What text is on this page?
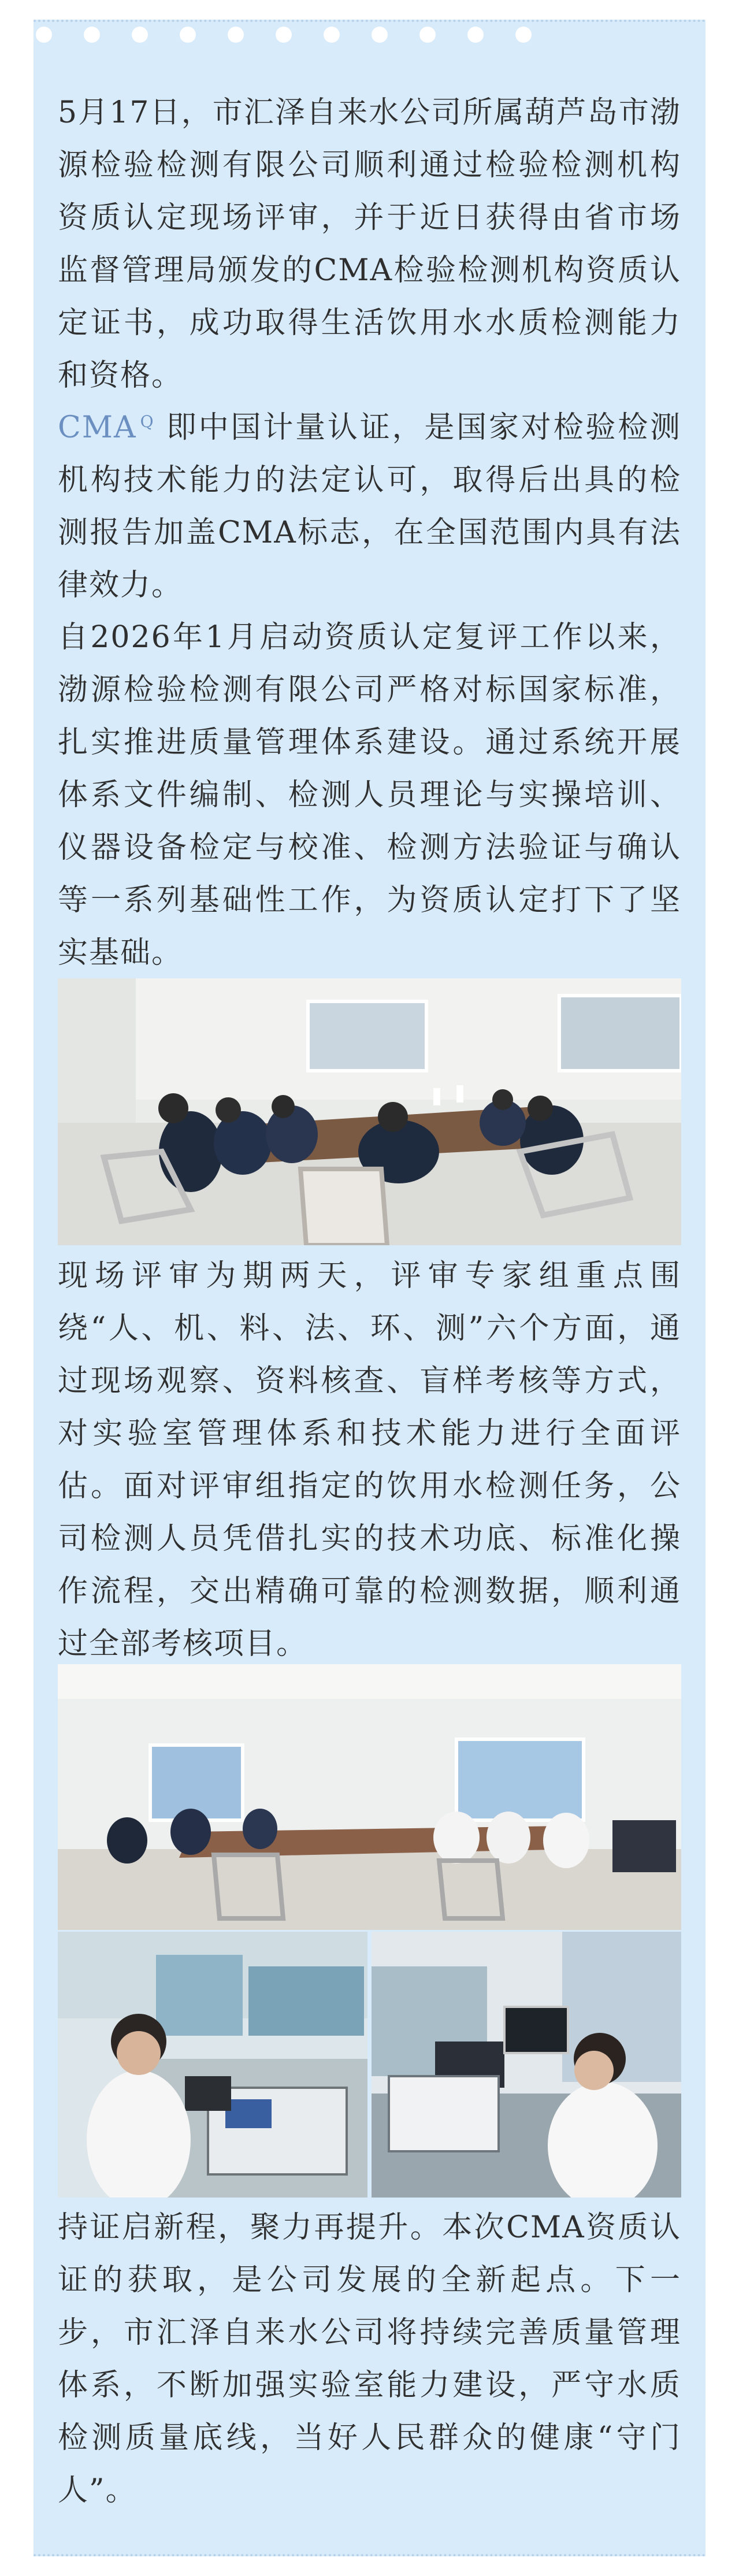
5月17日，市汇泽自来水公司所属葫芦岛市渤源检验检测有限公司顺利通过检验检测机构资质认定现场评审，并于近日获得由省市场监督管理局颁发的CMA检验检测机构资质认定证书，成功取得生活饮用水水质检测能力和资格。

CMA $^Q$ 即中国计量认证，是国家对检验检测机构技术能力的法定认可，取得后出具的检测报告加盖CMA标志，在全国范围内具有法律效力。

自2026年1月启动资质认定复评工作以来，渤源检验检测有限公司严格对标国家标准，扎实推进质量管理体系建设。通过系统开展体系文件编制、检测人员理论与实操培训、仪器设备检定与校准、检测方法验证与确认等一系列基础性工作，为资质认定打下了坚实基础。

现场评审为期两天，评审专家组重点围绕“人、机、料、法、环、测”六个方面，通过现场观察、资料核查、盲样考核等方式，对实验室管理体系和技术能力进行全面评估。面对评审组指定的饮用水检测任务，公司检测人员凭借扎实的技术功底、标准化操作流程，交出精确可靠的检测数据，顺利通过全部考核项目。

持证启新程，聚力再提升。本次CMA资质认证的获取，是公司发展的全新起点。下一步，市汇泽自来水公司将持续完善质量管理体系，不断加强实验室能力建设，严守水质检测质量底线，当好人民群众的健康“守门人”。
